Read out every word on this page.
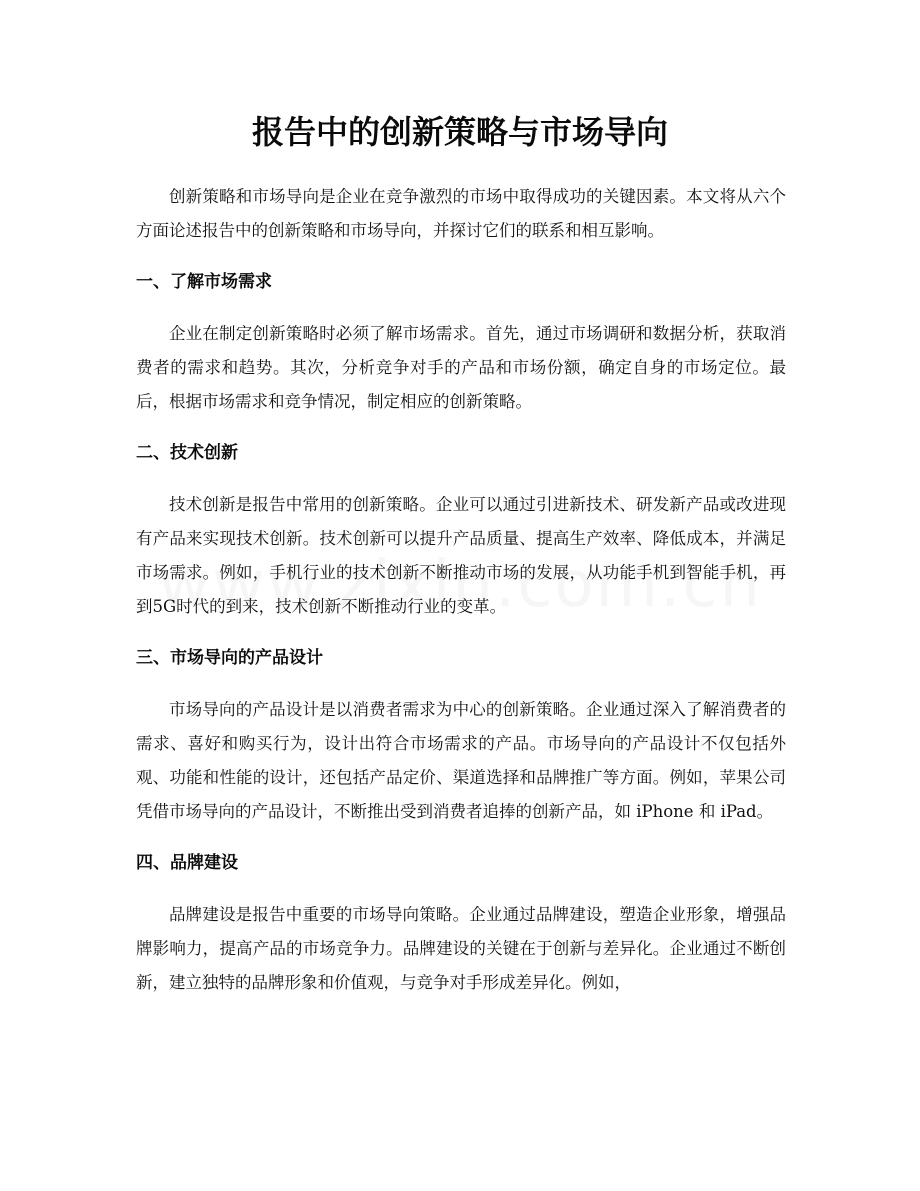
报告中的创新策略与市场导向

创新策略和市场导向是企业在竞争激烈的市场中取得成功的关键因素。本文将从六个方面论述报告中的创新策略和市场导向，并探讨它们的联系和相互影响。

一、了解市场需求

企业在制定创新策略时必须了解市场需求。首先，通过市场调研和数据分析，获取消费者的需求和趋势。其次，分析竞争对手的产品和市场份额，确定自身的市场定位。最后，根据市场需求和竞争情况，制定相应的创新策略。

二、技术创新

技术创新是报告中常用的创新策略。企业可以通过引进新技术、研发新产品或改进现有产品来实现技术创新。技术创新可以提升产品质量、提高生产效率、降低成本，并满足市场需求。例如，手机行业的技术创新不断推动市场的发展，从功能手机到智能手机，再到5G时代的到来，技术创新不断推动行业的变革。

三、市场导向的产品设计

市场导向的产品设计是以消费者需求为中心的创新策略。企业通过深入了解消费者的需求、喜好和购买行为，设计出符合市场需求的产品。市场导向的产品设计不仅包括外观、功能和性能的设计，还包括产品定价、渠道选择和品牌推广等方面。例如，苹果公司凭借市场导向的产品设计，不断推出受到消费者追捧的创新产品，如 iPhone 和 iPad。

四、品牌建设

品牌建设是报告中重要的市场导向策略。企业通过品牌建设，塑造企业形象，增强品牌影响力，提高产品的市场竞争力。品牌建设的关键在于创新与差异化。企业通过不断创新，建立独特的品牌形象和价值观，与竞争对手形成差异化。例如，
